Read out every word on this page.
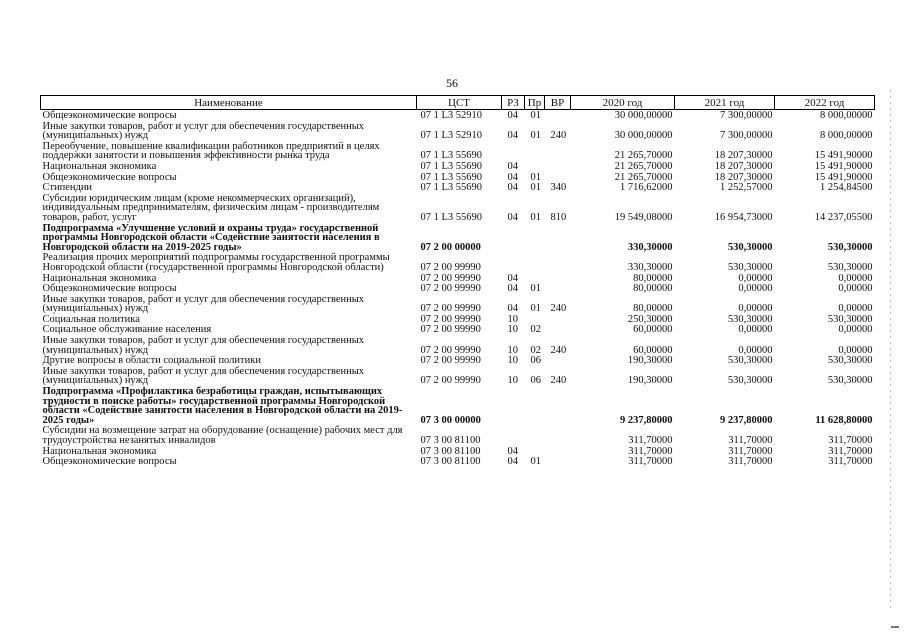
56
Наименование	ЦСТ	РЗ	Пр	ВР	2020 год	2021 год	2022 год
Общеэкономические вопросы	07 1 L3 52910	04	01		30 000,00000	7 300,00000	8 000,00000
Иные закупки товаров, работ и услуг для обеспечения государственных (муниципальных) нужд	07 1 L3 52910	04	01	240	30 000,00000	7 300,00000	8 000,00000
Переобучение, повышение квалификации работников предприятий в целях поддержки занятости и повышения эффективности рынка труда	07 1 L3 55690				21 265,70000	18 207,30000	15 491,90000
Национальная экономика	07 1 L3 55690	04			21 265,70000	18 207,30000	15 491,90000
Общеэкономические вопросы	07 1 L3 55690	04	01		21 265,70000	18 207,30000	15 491,90000
Стипендии	07 1 L3 55690	04	01	340	1 716,62000	1 252,57000	1 254,84500
Субсидии юридическим лицам (кроме некоммерческих организаций), индивидуальным предпринимателям, физическим лицам - производителям товаров, работ, услуг	07 1 L3 55690	04	01	810	19 549,08000	16 954,73000	14 237,05500
Подпрограмма «Улучшение условий и охраны труда» государственной программы Новгородской области «Содействие занятости населения в Новгородской области на 2019-2025 годы»	07 2 00 00000				330,30000	530,30000	530,30000
Реализация прочих мероприятий подпрограммы государственной программы Новгородской области (государственной программы Новгородской области)	07 2 00 99990				330,30000	530,30000	530,30000
Национальная экономика	07 2 00 99990	04			80,00000	0,00000	0,00000
Общеэкономические вопросы	07 2 00 99990	04	01		80,00000	0,00000	0,00000
Иные закупки товаров, работ и услуг для обеспечения государственных (муниципальных) нужд	07 2 00 99990	04	01	240	80,00000	0,00000	0,00000
Социальная политика	07 2 00 99990	10			250,30000	530,30000	530,30000
Социальное обслуживание населения	07 2 00 99990	10	02		60,00000	0,00000	0,00000
Иные закупки товаров, работ и услуг для обеспечения государственных (муниципальных) нужд	07 2 00 99990	10	02	240	60,00000	0,00000	0,00000
Другие вопросы в области социальной политики	07 2 00 99990	10	06		190,30000	530,30000	530,30000
Иные закупки товаров, работ и услуг для обеспечения государственных (муниципальных) нужд	07 2 00 99990	10	06	240	190,30000	530,30000	530,30000
Подпрограмма «Профилактика безработицы граждан, испытывающих трудности в поиске работы» государственной программы Новгородской области «Содействие занятости населения в Новгородской области на 2019-2025 годы»	07 3 00 00000				9 237,80000	9 237,80000	11 628,80000
Субсидии на возмещение затрат на оборудование (оснащение) рабочих мест для трудоустройства незанятых инвалидов	07 3 00 81100				311,70000	311,70000	311,70000
Национальная экономика	07 3 00 81100	04			311,70000	311,70000	311,70000
Общеэкономические вопросы	07 3 00 81100	04	01		311,70000	311,70000	311,70000
